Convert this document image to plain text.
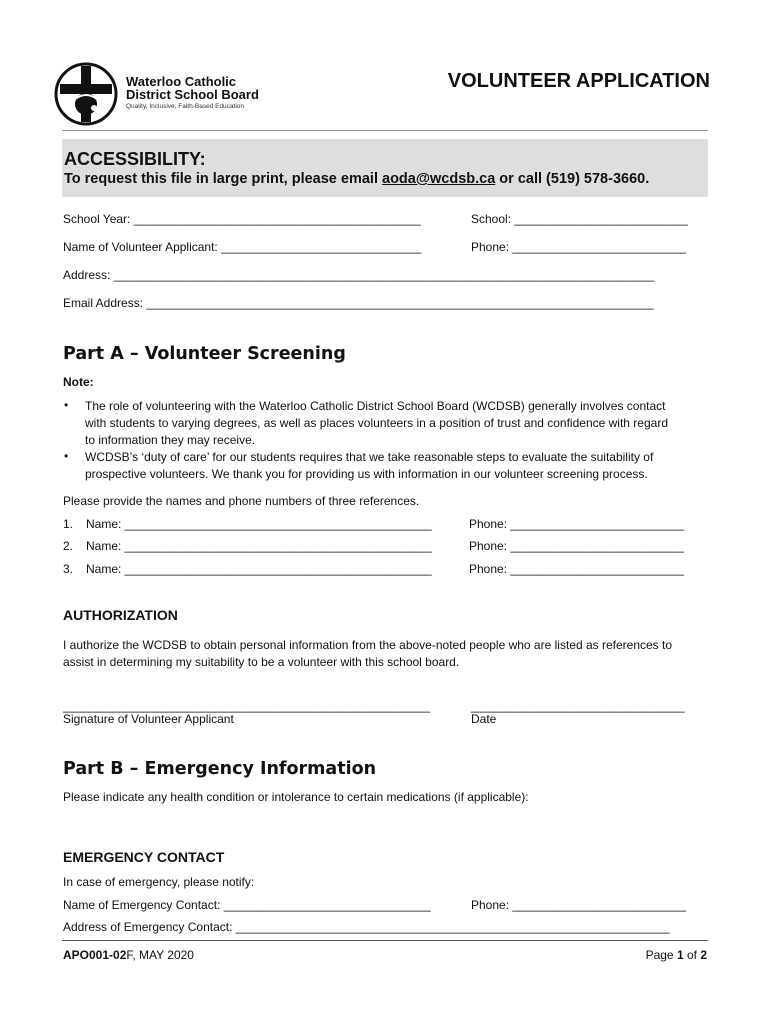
Waterloo Catholic
District School Board
Quality, Inclusive, Faith-Based Education
VOLUNTEER APPLICATION
ACCESSIBILITY:
To request this file in large print, please email aoda@wcdsb.ca or call (519) 578-3660.
School Year: ___________________________________________	School: __________________________
Name of Volunteer Applicant: ______________________________	Phone: __________________________
Address: _________________________________________________________________________________
Email Address: ____________________________________________________________________________
Part A – Volunteer Screening
Note:
• The role of volunteering with the Waterloo Catholic District School Board (WCDSB) generally involves contact
with students to varying degrees, as well as places volunteers in a position of trust and confidence with regard
to information they may receive.
• WCDSB’s ‘duty of care’ for our students requires that we take reasonable steps to evaluate the suitability of
prospective volunteers. We thank you for providing us with information in our volunteer screening process.
Please provide the names and phone numbers of three references.
1. Name: ______________________________________________	Phone: __________________________
2. Name: ______________________________________________	Phone: __________________________
3. Name: ______________________________________________	Phone: __________________________
AUTHORIZATION
I authorize the WCDSB to obtain personal information from the above-noted people who are listed as references to
assist in determining my suitability to be a volunteer with this school board.
_______________________________________________________	________________________________
Signature of Volunteer Applicant	Date
Part B – Emergency Information
Please indicate any health condition or intolerance to certain medications (if applicable):
EMERGENCY CONTACT
In case of emergency, please notify:
Name of Emergency Contact: _______________________________	Phone: __________________________
Address of Emergency Contact: _________________________________________________________________
APO001-02F, MAY 2020	Page 1 of 2
